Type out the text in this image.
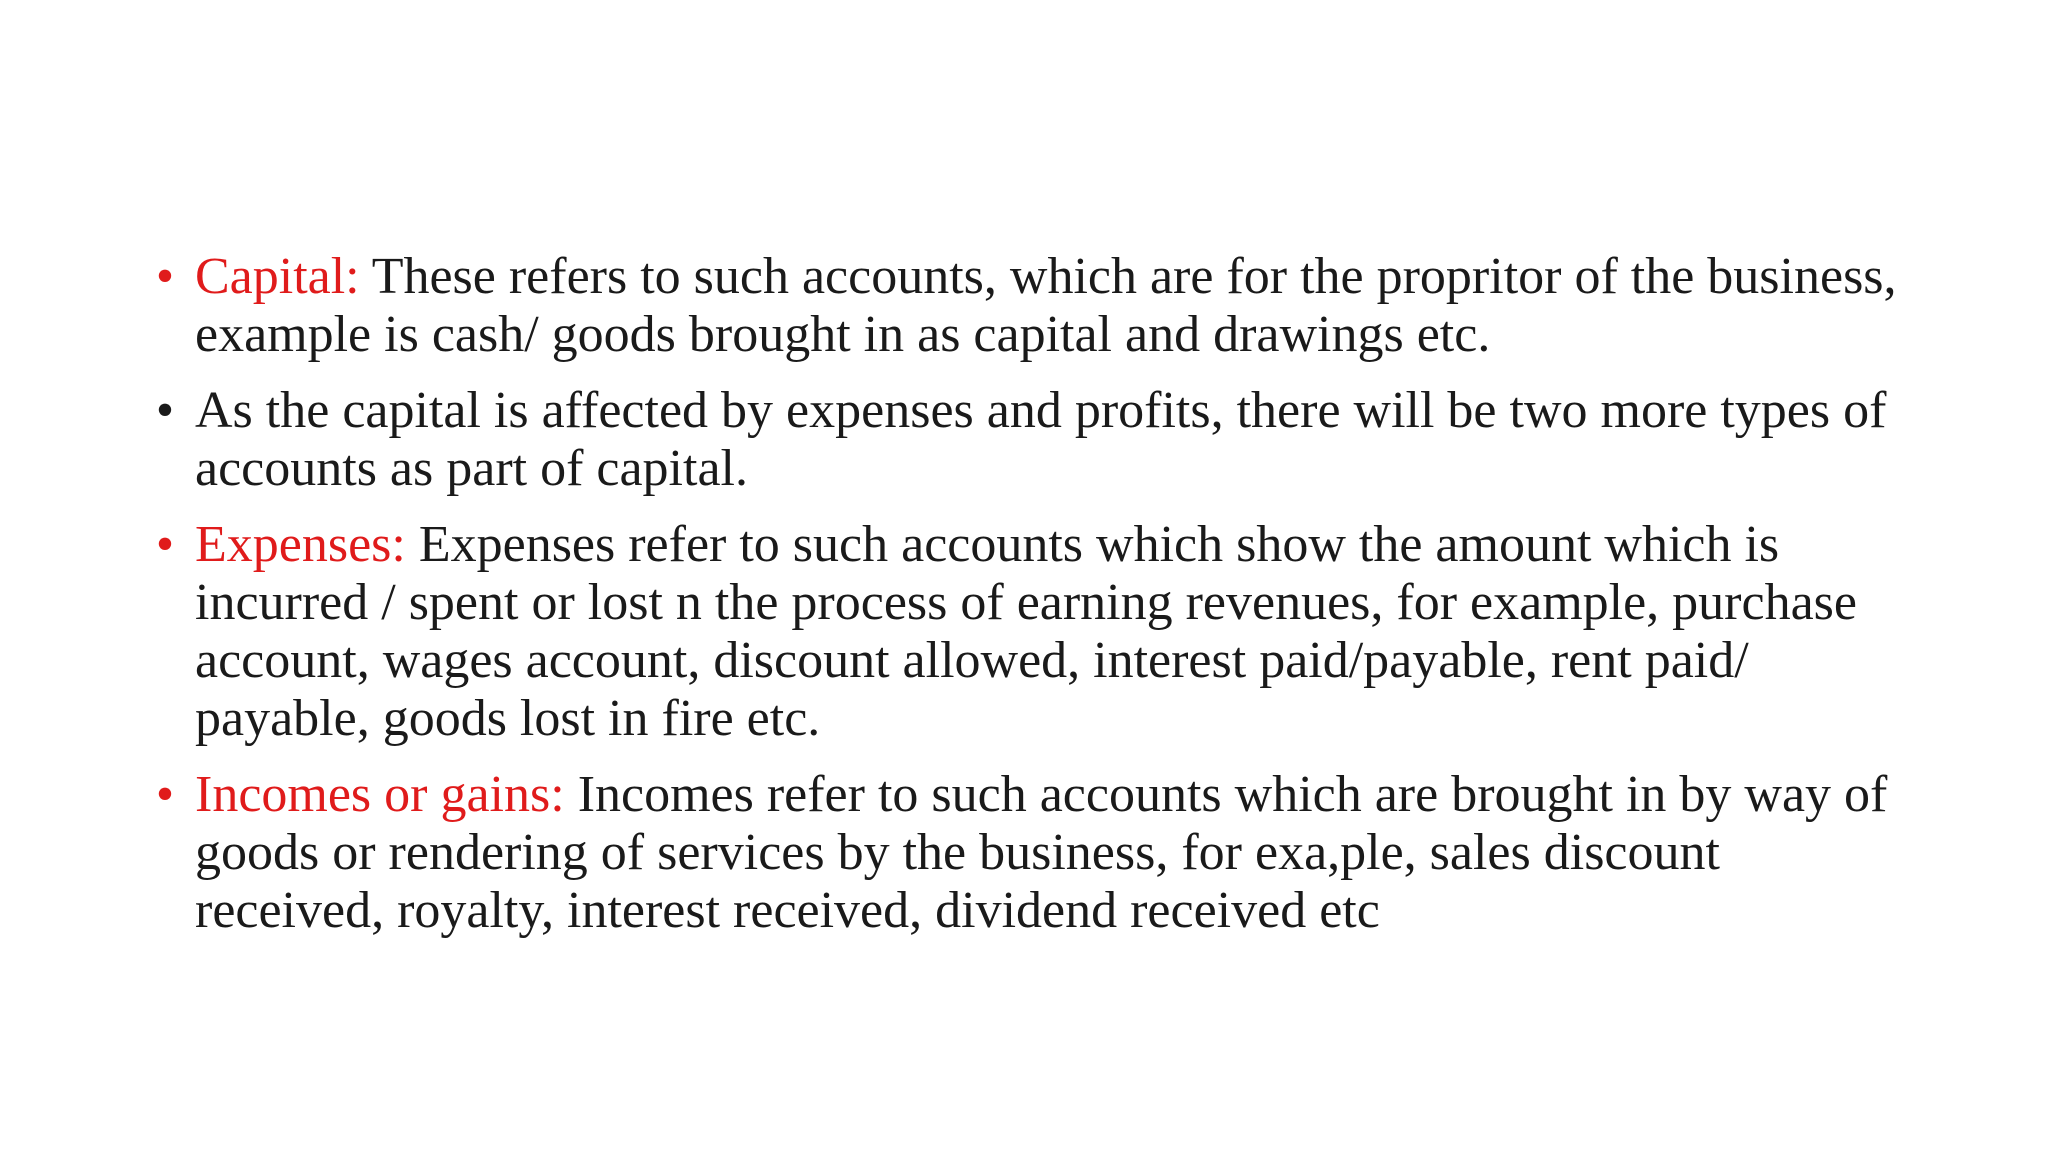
• Capital: These refers to such accounts, which are for the propritor of the business, example is cash/ goods brought in as capital and drawings etc.
• As the capital is affected by expenses and profits, there will be two more types of accounts as part of capital.
• Expenses: Expenses refer to such accounts which show the amount which is incurred / spent or lost n the process of earning revenues, for example, purchase account, wages account, discount allowed, interest paid/payable, rent paid/ payable, goods lost in fire etc.
• Incomes or gains: Incomes refer to such accounts which are brought in by way of goods or rendering of services by the business, for exa,ple, sales discount received, royalty, interest received, dividend received etc
